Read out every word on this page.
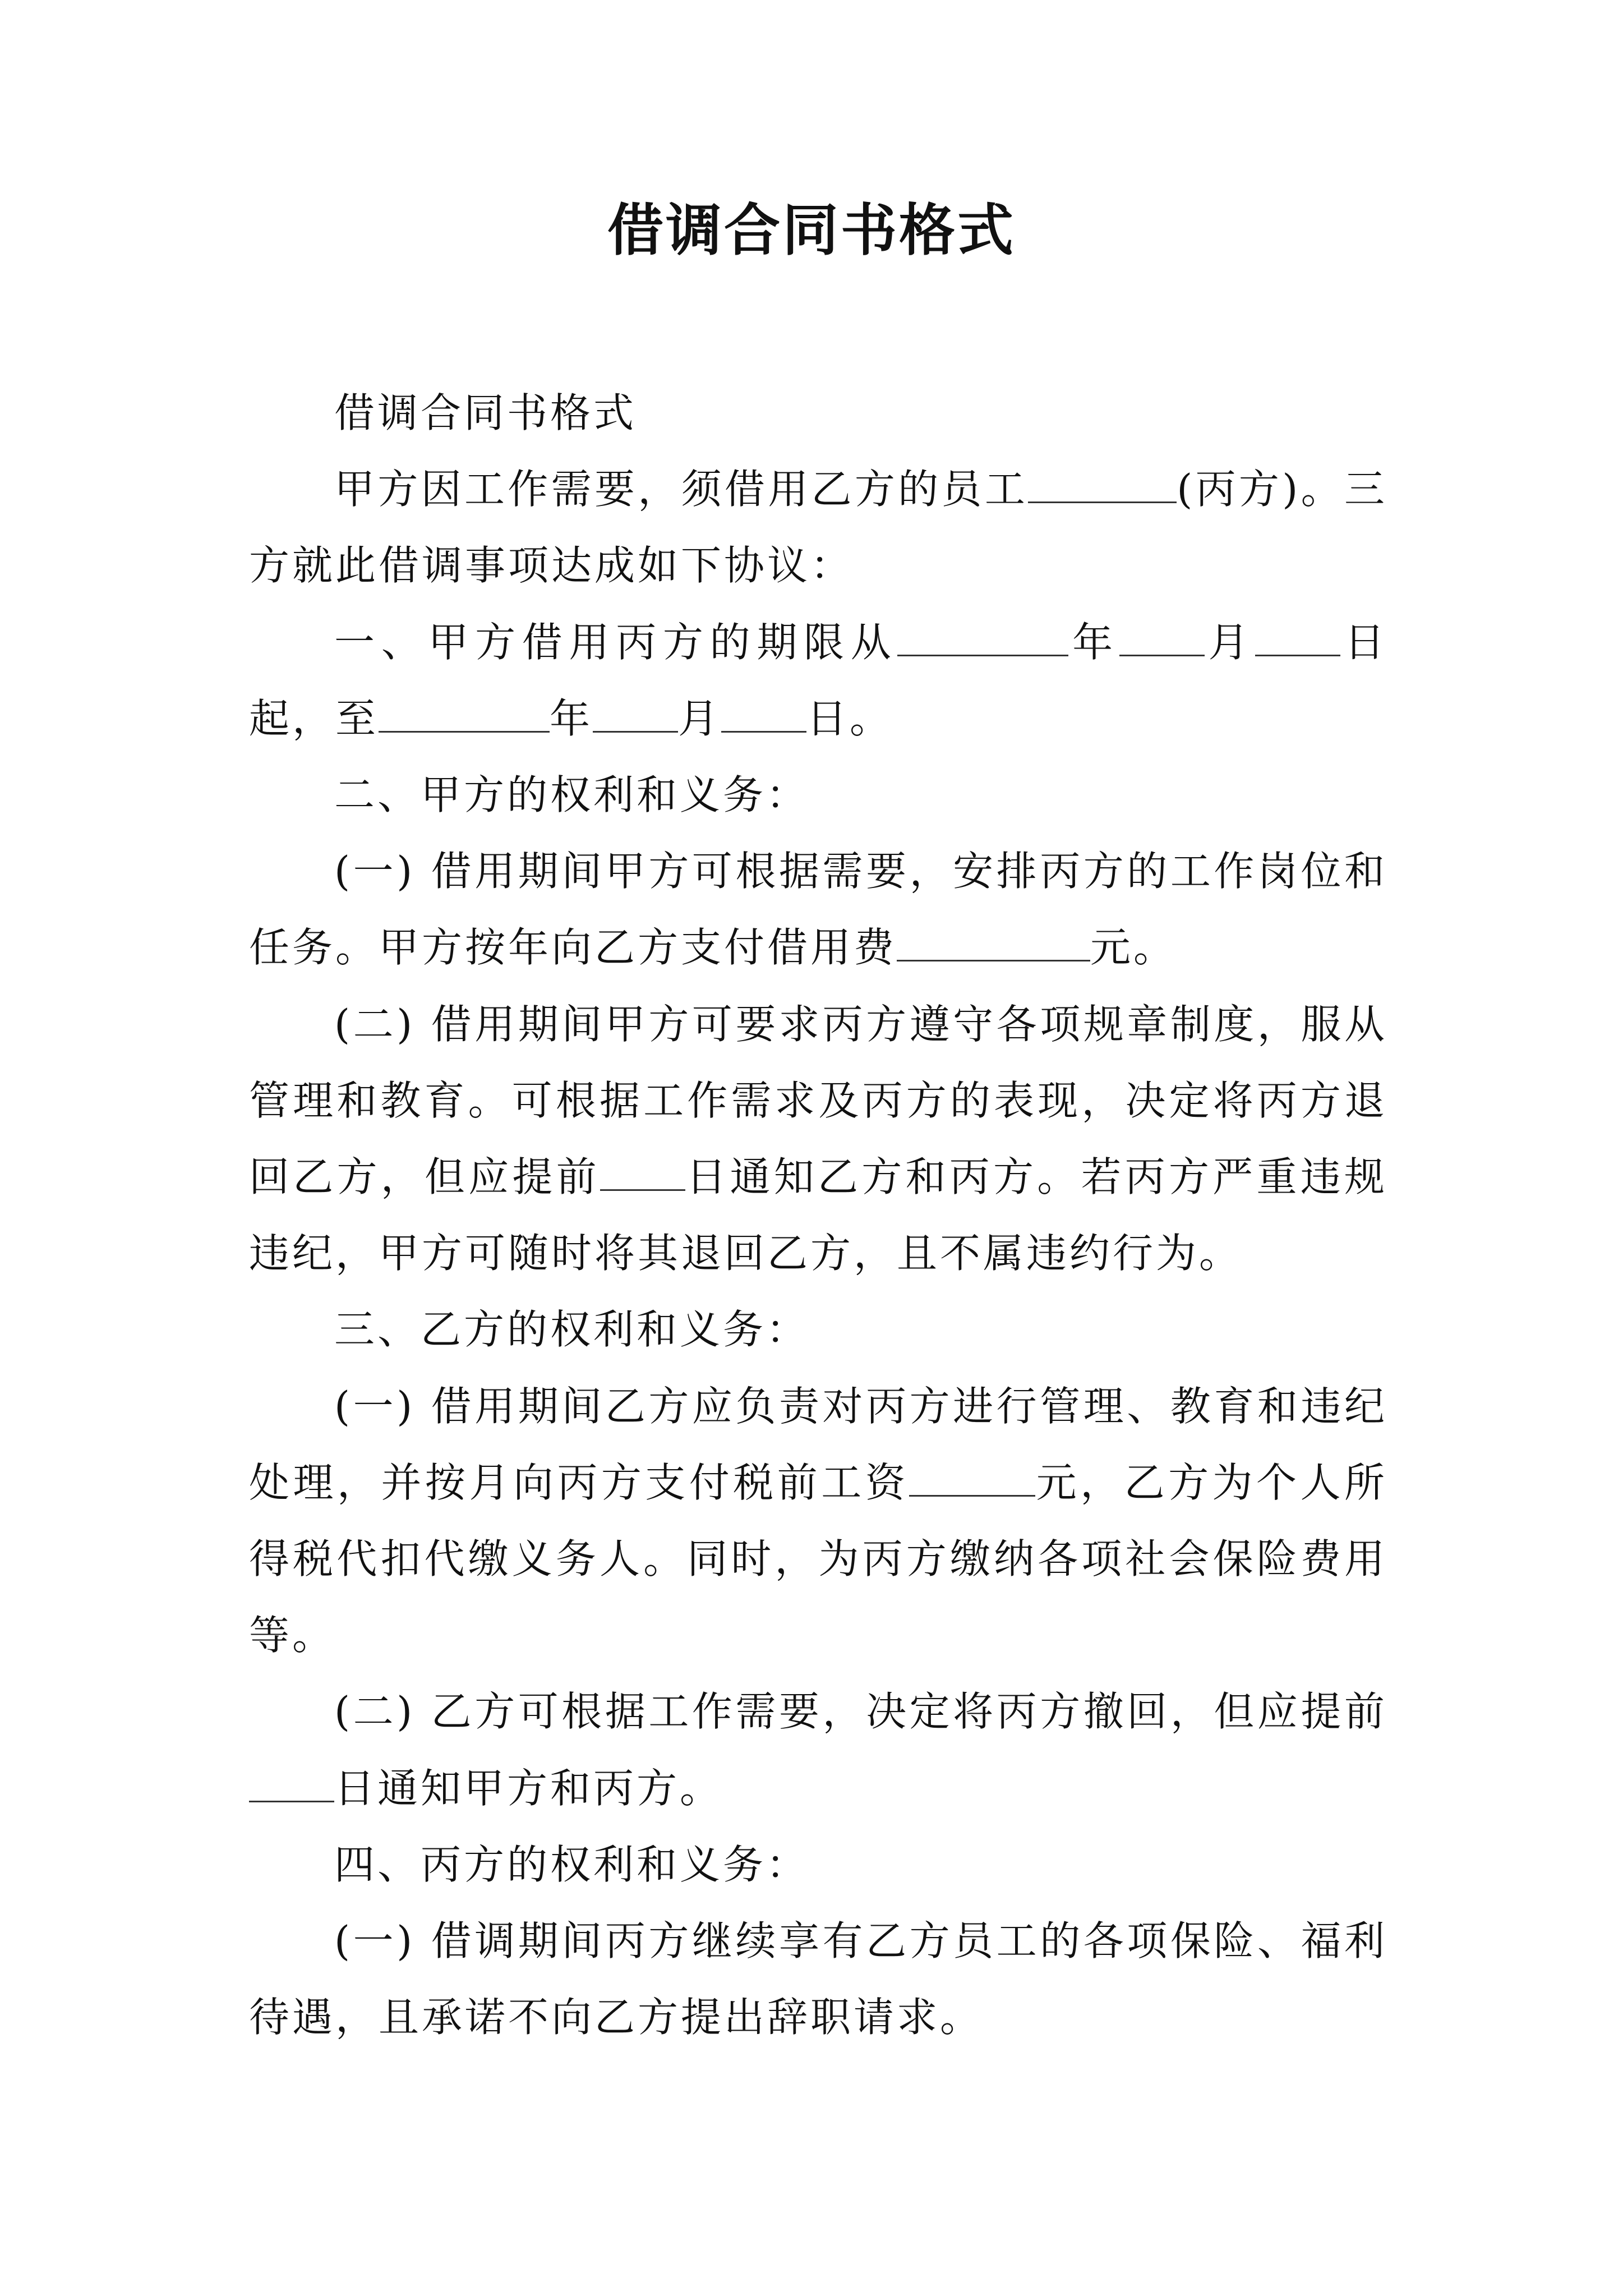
借调合同书格式

借调合同书格式

甲方因工作需要，须借用乙方的员工	(丙方)。三方就此借调事项达成如下协议：

一、甲方借用丙方的期限从	年 月 日起，至	年 月 日。

二、甲方的权利和义务：

(一) 借用期间甲方可根据需要，安排丙方的工作岗位和任务。甲方按年向乙方支付借用费	元。

(二) 借用期间甲方可要求丙方遵守各项规章制度，服从管理和教育。可根据工作需求及丙方的表现，决定将丙方退回乙方，但应提前 日通知乙方和丙方。若丙方严重违规违纪，甲方可随时将其退回乙方，且不属违约行为。

三、乙方的权利和义务：

(一) 借用期间乙方应负责对丙方进行管理、教育和违纪处理，并按月向丙方支付税前工资	元，乙方为个人所得税代扣代缴义务人。同时，为丙方缴纳各项社会保险费用等。

(二) 乙方可根据工作需要，决定将丙方撤回，但应提前日通知甲方和丙方。

四、丙方的权利和义务：

(一) 借调期间丙方继续享有乙方员工的各项保险、福利待遇，且承诺不向乙方提出辞职请求。
